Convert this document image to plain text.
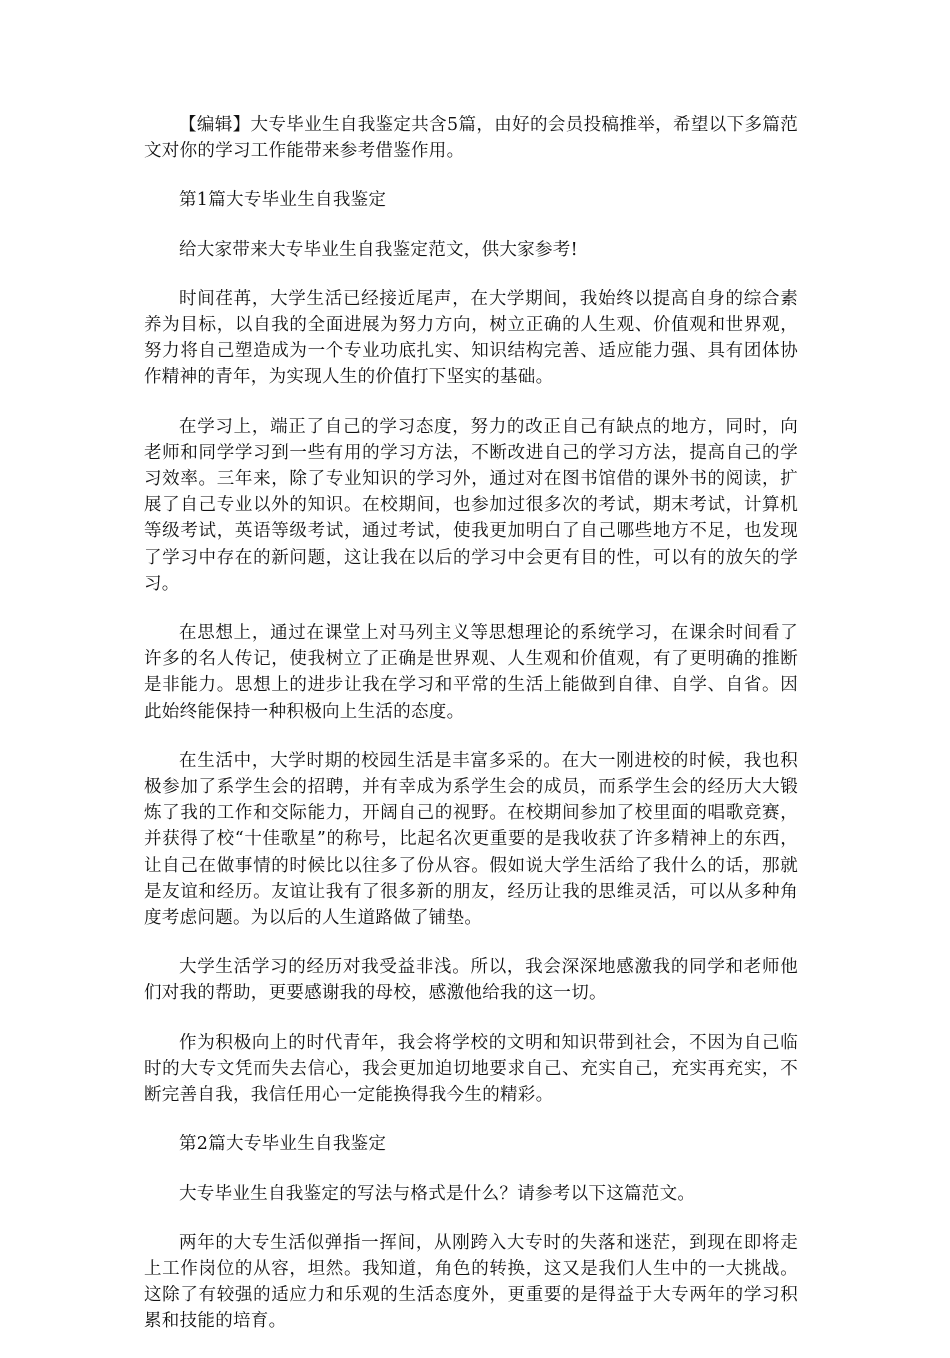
【编辑】大专毕业生自我鉴定共含5篇，由好的会员投稿推举，希望以下多篇范文对你的学习工作能带来参考借鉴作用。

第1篇大专毕业生自我鉴定

给大家带来大专毕业生自我鉴定范文，供大家参考!

时间荏苒，大学生活已经接近尾声，在大学期间，我始终以提高自身的综合素养为目标，以自我的全面进展为努力方向，树立正确的人生观、价值观和世界观，努力将自己塑造成为一个专业功底扎实、知识结构完善、适应能力强、具有团体协作精神的青年，为实现人生的价值打下坚实的基础。

在学习上，端正了自己的学习态度，努力的改正自己有缺点的地方，同时，向老师和同学学习到一些有用的学习方法，不断改进自己的学习方法，提高自己的学习效率。三年来，除了专业知识的学习外，通过对在图书馆借的课外书的阅读，扩展了自己专业以外的知识。在校期间，也参加过很多次的考试，期末考试，计算机等级考试，英语等级考试，通过考试，使我更加明白了自己哪些地方不足，也发现了学习中存在的新问题，这让我在以后的学习中会更有目的性，可以有的放矢的学习。

在思想上，通过在课堂上对马列主义等思想理论的系统学习，在课余时间看了许多的名人传记，使我树立了正确是世界观、人生观和价值观，有了更明确的推断是非能力。思想上的进步让我在学习和平常的生活上能做到自律、自学、自省。因此始终能保持一种积极向上生活的态度。

在生活中，大学时期的校园生活是丰富多采的。在大一刚进校的时候，我也积极参加了系学生会的招聘，并有幸成为系学生会的成员，而系学生会的经历大大锻炼了我的工作和交际能力，开阔自己的视野。在校期间参加了校里面的唱歌竞赛，并获得了校“十佳歌星”的称号，比起名次更重要的是我收获了许多精神上的东西，让自己在做事情的时候比以往多了份从容。假如说大学生活给了我什么的话，那就是友谊和经历。友谊让我有了很多新的朋友，经历让我的思维灵活，可以从多种角度考虑问题。为以后的人生道路做了铺垫。

大学生活学习的经历对我受益非浅。所以，我会深深地感激我的同学和老师他们对我的帮助，更要感谢我的母校，感激他给我的这一切。

作为积极向上的时代青年，我会将学校的文明和知识带到社会，不因为自己临时的大专文凭而失去信心，我会更加迫切地要求自己、充实自己，充实再充实，不断完善自我，我信任用心一定能换得我今生的精彩。

第2篇大专毕业生自我鉴定

大专毕业生自我鉴定的写法与格式是什么？请参考以下这篇范文。

两年的大专生活似弹指一挥间，从刚跨入大专时的失落和迷茫，到现在即将走上工作岗位的从容，坦然。我知道，角色的转换，这又是我们人生中的一大挑战。这除了有较强的适应力和乐观的生活态度外，更重要的是得益于大专两年的学习积累和技能的培育。
